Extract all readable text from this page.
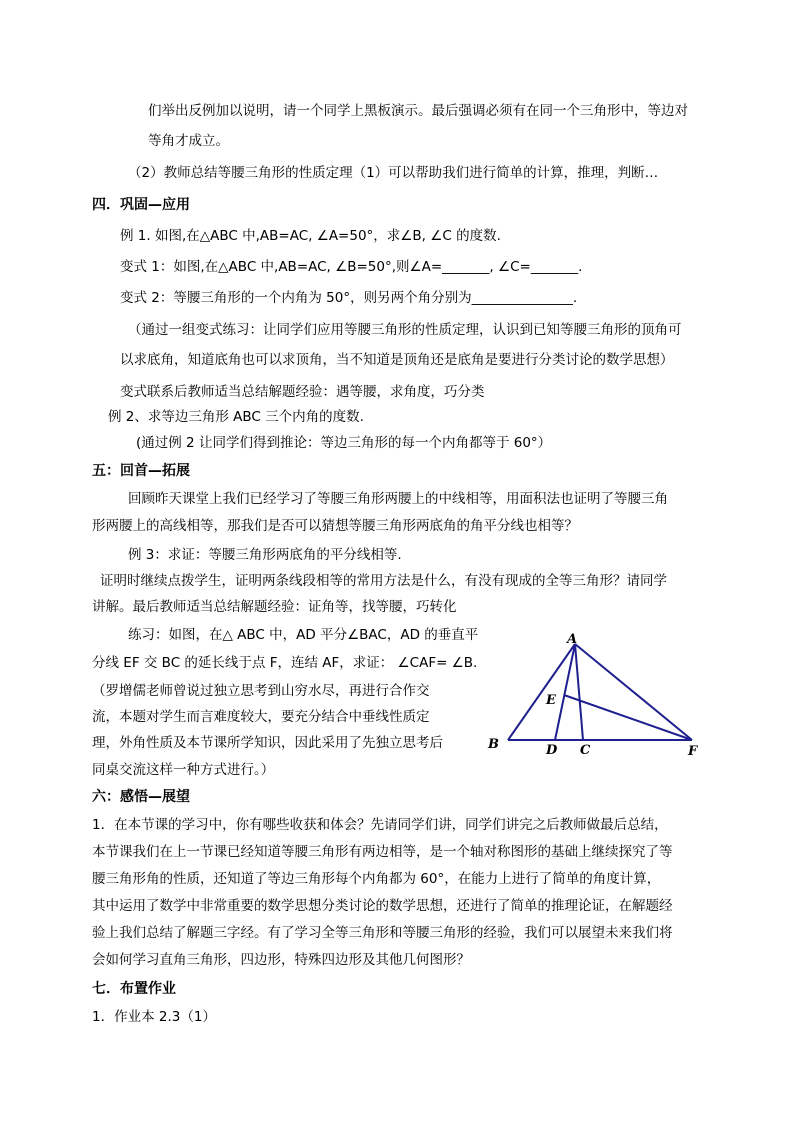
们举出反例加以说明，请一个同学上黑板演示。最后强调必须有在同一个三角形中，等边对
等角才成立。
（2）教师总结等腰三角形的性质定理（1）可以帮助我们进行简单的计算，推理，判断…
四．巩固—应用
例 1. 如图,在△ABC 中,AB=AC, ∠A=50°，求∠B, ∠C 的度数.
变式 1：如图,在△ABC 中,AB=AC, ∠B=50°,则∠A=_______, ∠C=_______.
变式 2：等腰三角形的一个内角为 50°，则另两个角分别为_______________.
（通过一组变式练习：让同学们应用等腰三角形的性质定理，认识到已知等腰三角形的顶角可
以求底角，知道底角也可以求顶角，当不知道是顶角还是底角是要进行分类讨论的数学思想）
变式联系后教师适当总结解题经验：遇等腰，求角度，巧分类
例 2、求等边三角形 ABC 三个内角的度数.
(通过例 2 让同学们得到推论：等边三角形的每一个内角都等于 60°）
五：回首—拓展
回顾昨天课堂上我们已经学习了等腰三角形两腰上的中线相等，用面积法也证明了等腰三角
形两腰上的高线相等，那我们是否可以猜想等腰三角形两底角的角平分线也相等？
例 3：求证：等腰三角形两底角的平分线相等.
证明时继续点拨学生，证明两条线段相等的常用方法是什么，有没有现成的全等三角形？请同学
讲解。最后教师适当总结解题经验：证角等，找等腰，巧转化
练习：如图，在△ ABC 中，AD 平分∠BAC，AD 的垂直平
分线 EF 交 BC 的延长线于点 F，连结 AF，求证： ∠CAF= ∠B.
（罗增儒老师曾说过独立思考到山穷水尽，再进行合作交
流，本题对学生而言难度较大，要充分结合中垂线性质定
理，外角性质及本节课所学知识，因此采用了先独立思考后
同桌交流这样一种方式进行。）
六：感悟—展望
1．在本节课的学习中，你有哪些收获和体会？先请同学们讲，同学们讲完之后教师做最后总结，
本节课我们在上一节课已经知道等腰三角形有两边相等，是一个轴对称图形的基础上继续探究了等
腰三角形角的性质，还知道了等边三角形每个内角都为 60°，在能力上进行了简单的角度计算，
其中运用了数学中非常重要的数学思想分类讨论的数学思想，还进行了简单的推理论证，在解题经
验上我们总结了解题三字经。有了学习全等三角形和等腰三角形的经验，我们可以展望未来我们将
会如何学习直角三角形，四边形，特殊四边形及其他几何图形？
七．布置作业
1．作业本 2.3（1）
A
E
B	D C	F
